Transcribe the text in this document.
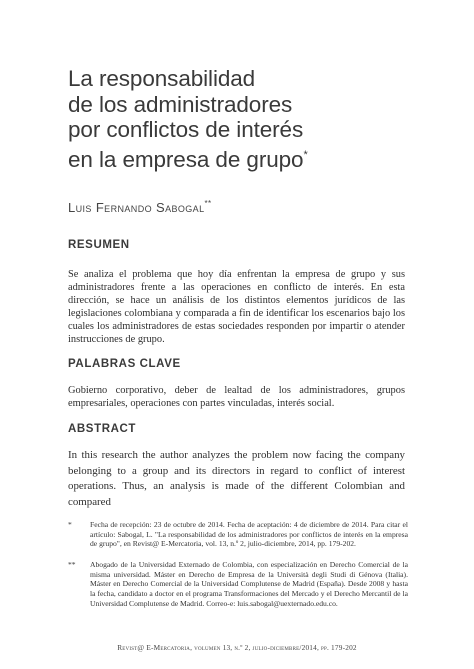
La responsabilidad
de los administradores
por conflictos de interés
en la empresa de grupo*

Luis Fernando Sabogal**

RESUMEN

Se analiza el problema que hoy día enfrentan la empresa de grupo y sus administradores frente a las operaciones en conflicto de interés. En esta dirección, se hace un análisis de los distintos elementos jurídicos de las legislaciones colombiana y comparada a fin de identificar los escenarios bajo los cuales los administradores de estas sociedades responden por impartir o atender instrucciones de grupo.

PALABRAS CLAVE

Gobierno corporativo, deber de lealtad de los administradores, grupos empresariales, operaciones con partes vinculadas, interés social.

ABSTRACT

In this research the author analyzes the problem now facing the company belonging to a group and its directors in regard to conflict of interest operations. Thus, an analysis is made of the different Colombian and compared

* Fecha de recepción: 23 de octubre de 2014. Fecha de aceptación: 4 de diciembre de 2014. Para citar el artículo: Sabogal, L. "La responsabilidad de los administradores por conflictos de interés en la empresa de grupo", en Revist@ E-Mercatoria, vol. 13, n.º 2, julio-diciembre, 2014, pp. 179-202.
** Abogado de la Universidad Externado de Colombia, con especialización en Derecho Comercial de la misma universidad. Máster en Derecho de Empresa de la Università degli Studi di Génova (Italia). Máster en Derecho Comercial de la Universidad Complutense de Madrid (España). Desde 2008 y hasta la fecha, candidato a doctor en el programa Transformaciones del Mercado y el Derecho Mercantil de la Universidad Complutense de Madrid. Correo-e: luis.sabogal@uexternado.edu.co.
Revist@ E-Mercatoria, volumen 13, n.º 2, julio-diciembre/2014, pp. 179-202
